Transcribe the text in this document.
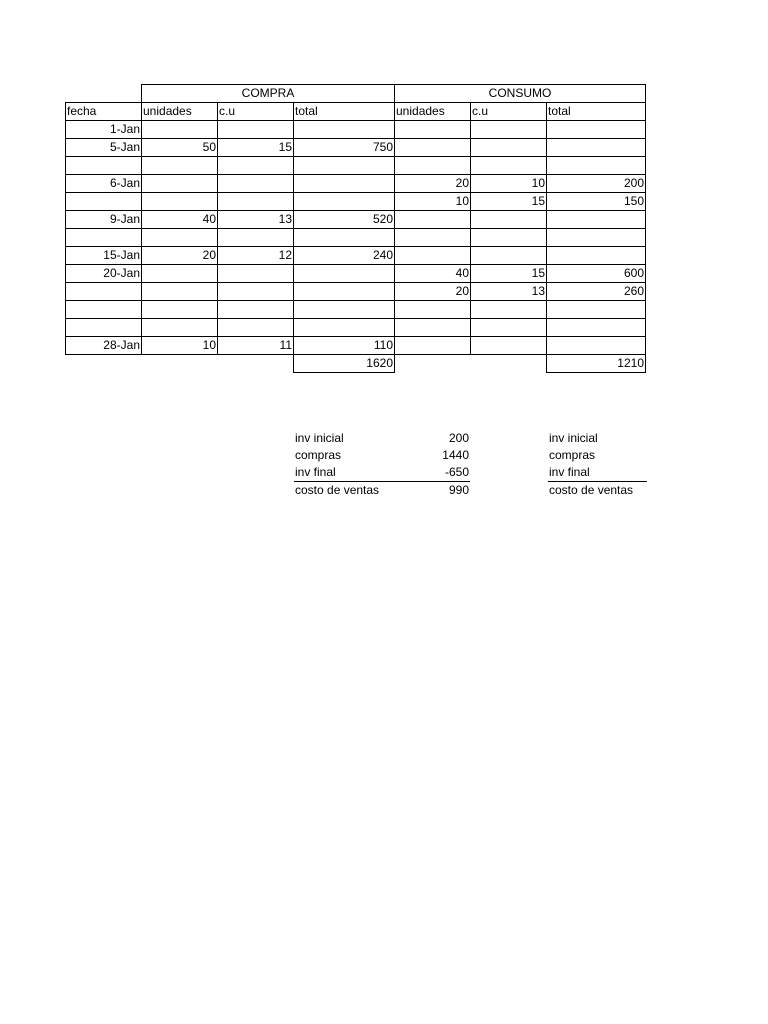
	COMPRA			CONSUMO		
fecha	unidades	c.u	total	unidades	c.u	total
1-Jan						
5-Jan	50	15	750			

6-Jan				20	10	200
				10	15	150
9-Jan	40	13	520			

15-Jan	20	12	240			
20-Jan				40	15	600
				20	13	260

28-Jan	10	11	110			
			1620			1210
inv inicial	200
compras	1440
inv final	-650
costo de ventas	990
inv inicial
compras
inv final
costo de ventas
